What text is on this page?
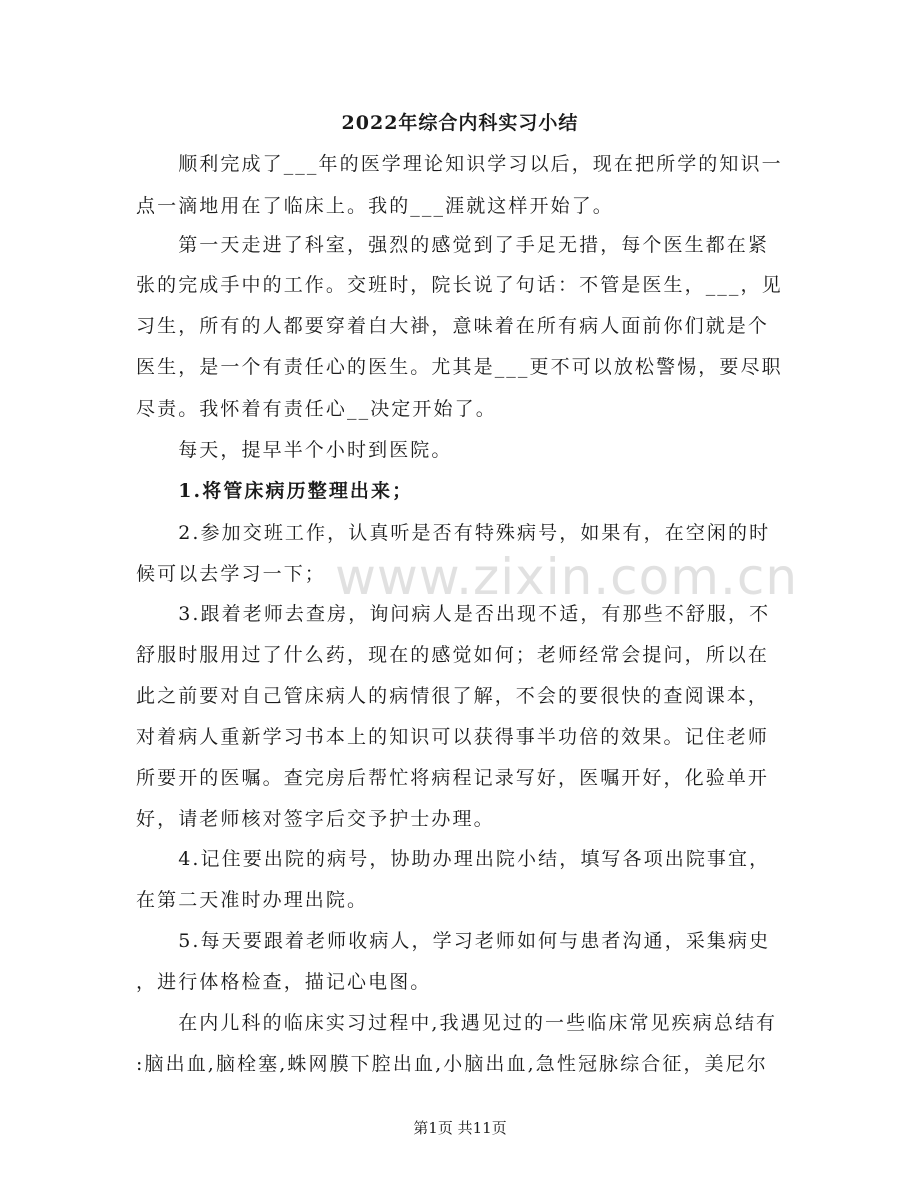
2022年综合内科实习小结
　　顺利完成了___年的医学理论知识学习以后，现在把所学的知识一
点一滴地用在了临床上。我的___涯就这样开始了。
　　第一天走进了科室，强烈的感觉到了手足无措，每个医生都在紧
张的完成手中的工作。交班时，院长说了句话：不管是医生，___，见
习生，所有的人都要穿着白大褂，意味着在所有病人面前你们就是个
医生，是一个有责任心的医生。尤其是___更不可以放松警惕，要尽职
尽责。我怀着有责任心__决定开始了。
　　每天，提早半个小时到医院。
　　1.将管床病历整理出来；
　　2.参加交班工作，认真听是否有特殊病号，如果有，在空闲的时
候可以去学习一下；
　　3.跟着老师去查房，询问病人是否出现不适，有那些不舒服，不
舒服时服用过了什么药，现在的感觉如何；老师经常会提问，所以在
此之前要对自己管床病人的病情很了解，不会的要很快的查阅课本，
对着病人重新学习书本上的知识可以获得事半功倍的效果。记住老师
所要开的医嘱。查完房后帮忙将病程记录写好，医嘱开好，化验单开
好，请老师核对签字后交予护士办理。
　　4.记住要出院的病号，协助办理出院小结，填写各项出院事宜，
在第二天准时办理出院。
　　5.每天要跟着老师收病人，学习老师如何与患者沟通，采集病史
，进行体格检查，描记心电图。
　　在内儿科的临床实习过程中,我遇见过的一些临床常见疾病总结有
:脑出血,脑栓塞,蛛网膜下腔出血,小脑出血,急性冠脉综合征，美尼尔
www.zixin.com.cn
第1页 共11页
